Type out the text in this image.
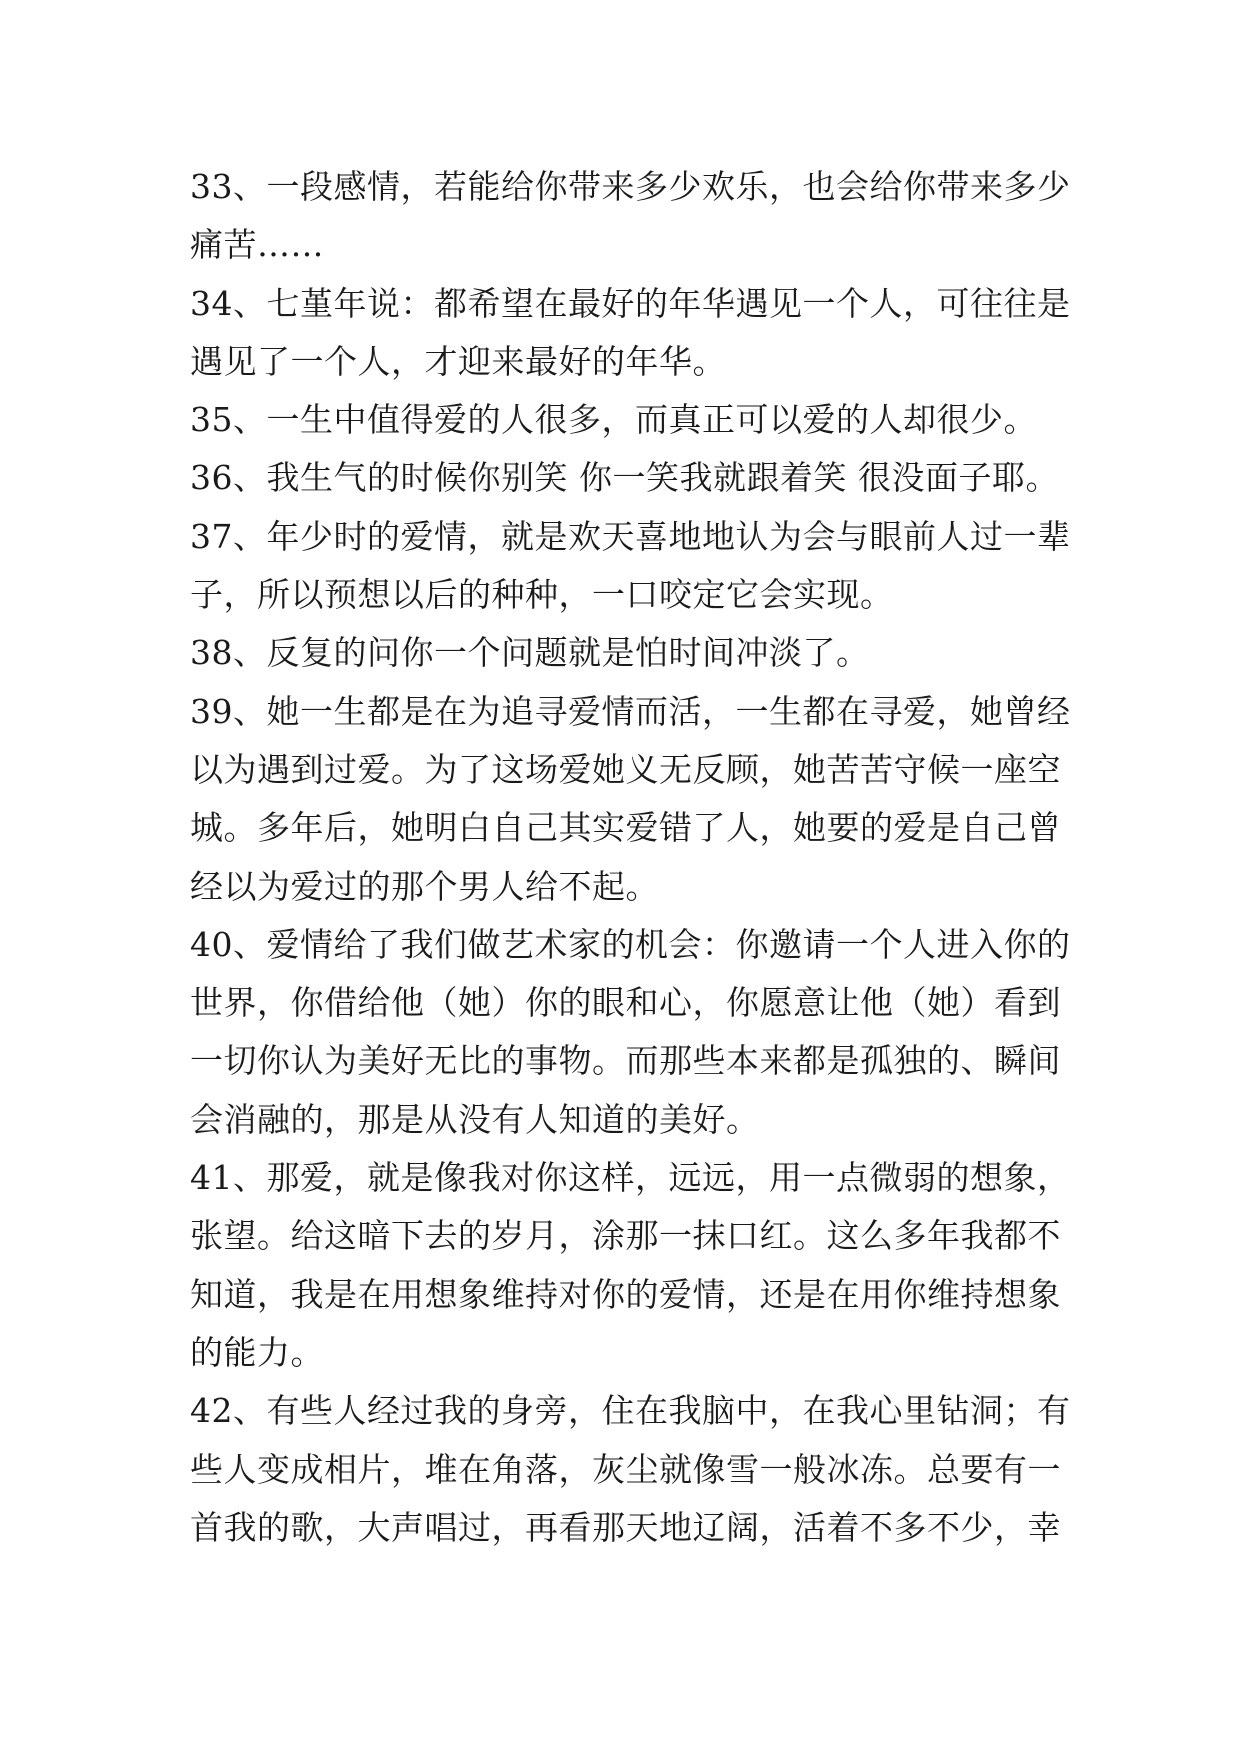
33、一段感情，若能给你带来多少欢乐，也会给你带来多少
痛苦……
34、七堇年说：都希望在最好的年华遇见一个人，可往往是
遇见了一个人，才迎来最好的年华。
35、一生中值得爱的人很多，而真正可以爱的人却很少。
36、我生气的时候你别笑 你一笑我就跟着笑 很没面子耶。
37、年少时的爱情，就是欢天喜地地认为会与眼前人过一辈
子，所以预想以后的种种，一口咬定它会实现。
38、反复的问你一个问题就是怕时间冲淡了。
39、她一生都是在为追寻爱情而活，一生都在寻爱，她曾经
以为遇到过爱。为了这场爱她义无反顾，她苦苦守候一座空
城。多年后，她明白自己其实爱错了人，她要的爱是自己曾
经以为爱过的那个男人给不起。
40、爱情给了我们做艺术家的机会：你邀请一个人进入你的
世界，你借给他（她）你的眼和心，你愿意让他（她）看到
一切你认为美好无比的事物。而那些本来都是孤独的、瞬间
会消融的，那是从没有人知道的美好。
41、那爱，就是像我对你这样，远远，用一点微弱的想象，
张望。给这暗下去的岁月，涂那一抹口红。这么多年我都不
知道，我是在用想象维持对你的爱情，还是在用你维持想象
的能力。
42、有些人经过我的身旁，住在我脑中，在我心里钻洞；有
些人变成相片，堆在角落，灰尘就像雪一般冰冻。总要有一
首我的歌，大声唱过，再看那天地辽阔，活着不多不少，幸
